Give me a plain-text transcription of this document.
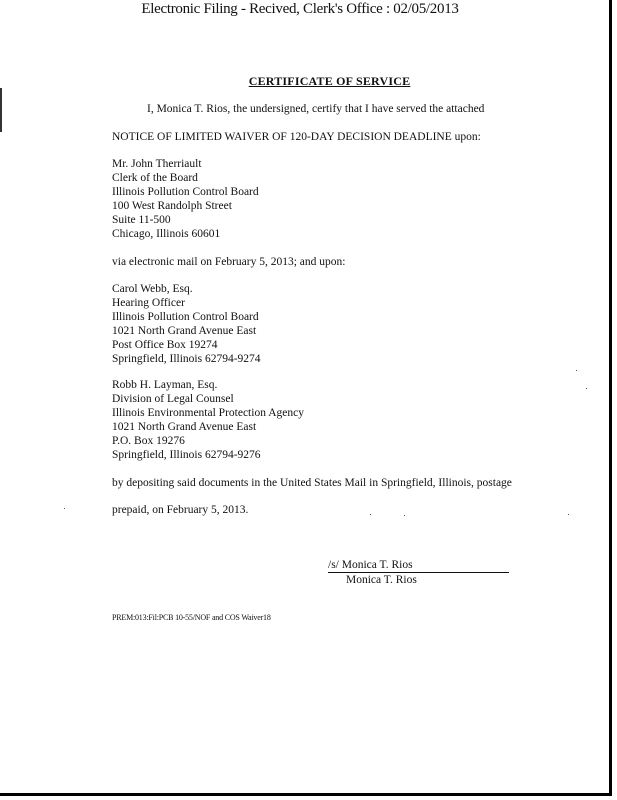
Electronic Filing - Recived, Clerk's Office : 02/05/2013
CERTIFICATE OF SERVICE
I, Monica T. Rios, the undersigned, certify that I have served the attached
NOTICE OF LIMITED WAIVER OF 120-DAY DECISION DEADLINE upon:
Mr. John Therriault
Clerk of the Board
Illinois Pollution Control Board
100 West Randolph Street
Suite 11-500
Chicago, Illinois 60601
via electronic mail on February 5, 2013; and upon:
Carol Webb, Esq.
Hearing Officer
Illinois Pollution Control Board
1021 North Grand Avenue East
Post Office Box 19274
Springfield, Illinois 62794-9274
Robb H. Layman, Esq.
Division of Legal Counsel
Illinois Environmental Protection Agency
1021 North Grand Avenue East
P.O. Box 19276
Springfield, Illinois 62794-9276
by depositing said documents in the United States Mail in Springfield, Illinois, postage
prepaid, on February 5, 2013.
/s/ Monica T. Rios
Monica T. Rios
PREM:013:Fil:PCB 10-55/NOF and COS Waiver18
